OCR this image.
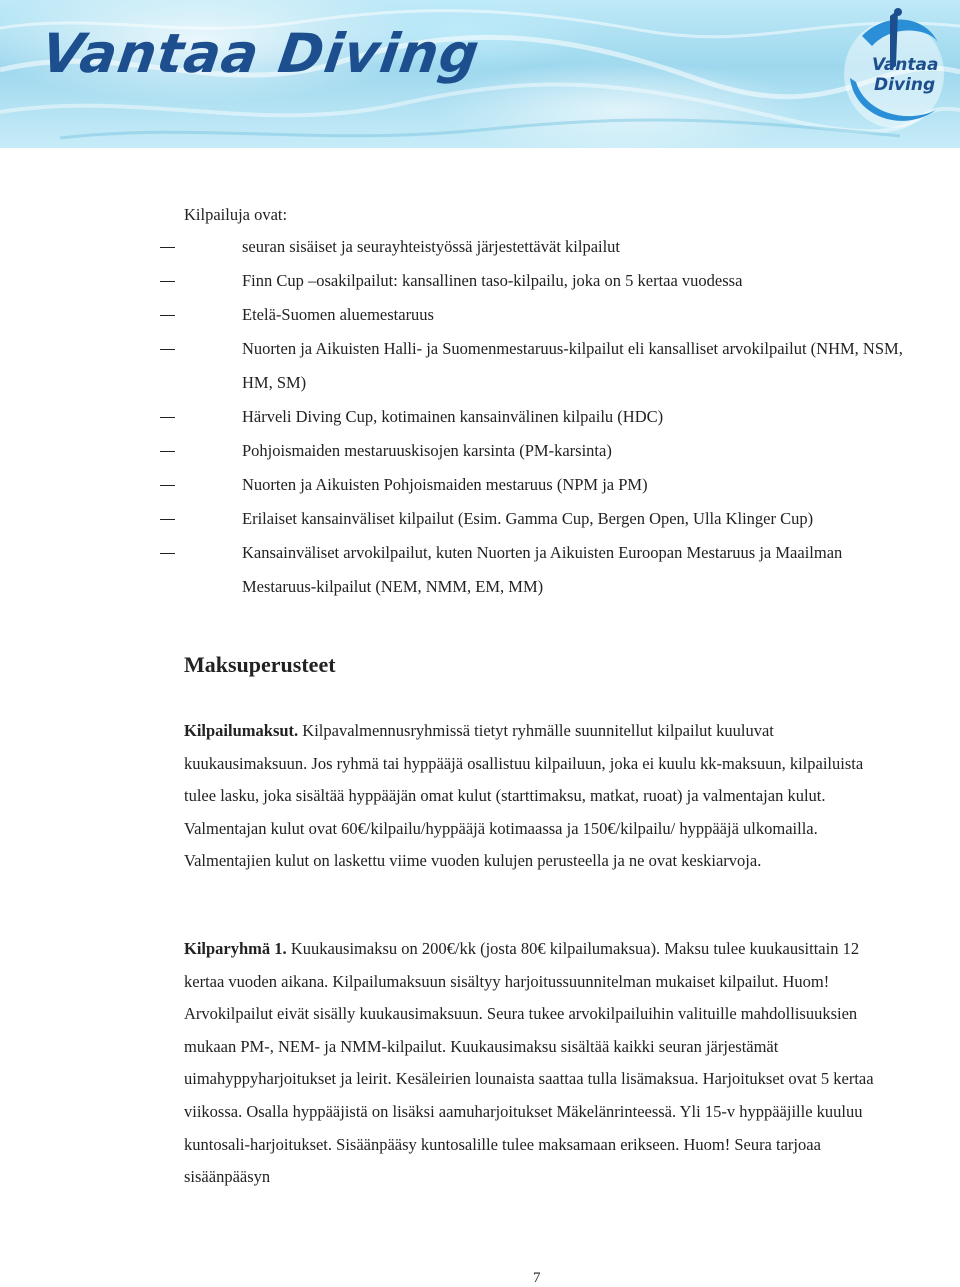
Vantaa Diving	Vantaa
Diving

Kilpailuja ovat:

seuran sisäiset ja seurayhteistyössä järjestettävät kilpailut
Finn Cup –osakilpailut: kansallinen taso-kilpailu, joka on 5 kertaa vuodessa
Etelä-Suomen aluemestaruus
Nuorten ja Aikuisten Halli- ja Suomenmestaruus-kilpailut eli kansalliset arvokilpailut (NHM, NSM, HM, SM)
Härveli Diving Cup, kotimainen kansainvälinen kilpailu (HDC)
Pohjoismaiden mestaruuskisojen karsinta (PM-karsinta)
Nuorten ja Aikuisten Pohjoismaiden mestaruus (NPM ja PM)
Erilaiset kansainväliset kilpailut (Esim. Gamma Cup, Bergen Open, Ulla Klinger Cup)
Kansainväliset arvokilpailut, kuten Nuorten ja Aikuisten Euroopan Mestaruus ja Maailman Mestaruus-kilpailut (NEM, NMM, EM, MM)
Maksuperusteet

Kilpailumaksut. Kilpavalmennusryhmissä tietyt ryhmälle suunnitellut kilpailut kuuluvat kuukausimaksuun. Jos ryhmä tai hyppääjä osallistuu kilpailuun, joka ei kuulu kk-maksuun, kilpailuista tulee lasku, joka sisältää hyppääjän omat kulut (starttimaksu, matkat, ruoat) ja valmentajan kulut. Valmentajan kulut ovat 60€/kilpailu/hyppääjä kotimaassa ja 150€/kilpailu/ hyppääjä ulkomailla. Valmentajien kulut on laskettu viime vuoden kulujen perusteella ja ne ovat keskiarvoja.

Kilparyhmä 1. Kuukausimaksu on 200€/kk (josta 80€ kilpailumaksua). Maksu tulee kuukausittain 12 kertaa vuoden aikana. Kilpailumaksuun sisältyy harjoitussuunnitelman mukaiset kilpailut. Huom! Arvokilpailut eivät sisälly kuukausimaksuun. Seura tukee arvokilpailuihin valituille mahdollisuuksien mukaan PM-, NEM- ja NMM-kilpailut. Kuukausimaksu sisältää kaikki seuran järjestämät uimahyppyharjoitukset ja leirit. Kesäleirien lounaista saattaa tulla lisämaksua. Harjoitukset ovat 5 kertaa viikossa. Osalla hyppääjistä on lisäksi aamuharjoitukset Mäkelänrinteessä. Yli 15-v hyppääjille kuuluu kuntosali-harjoitukset. Sisäänpääsy kuntosalille tulee maksamaan erikseen. Huom! Seura tarjoaa sisäänpääsyn

7
